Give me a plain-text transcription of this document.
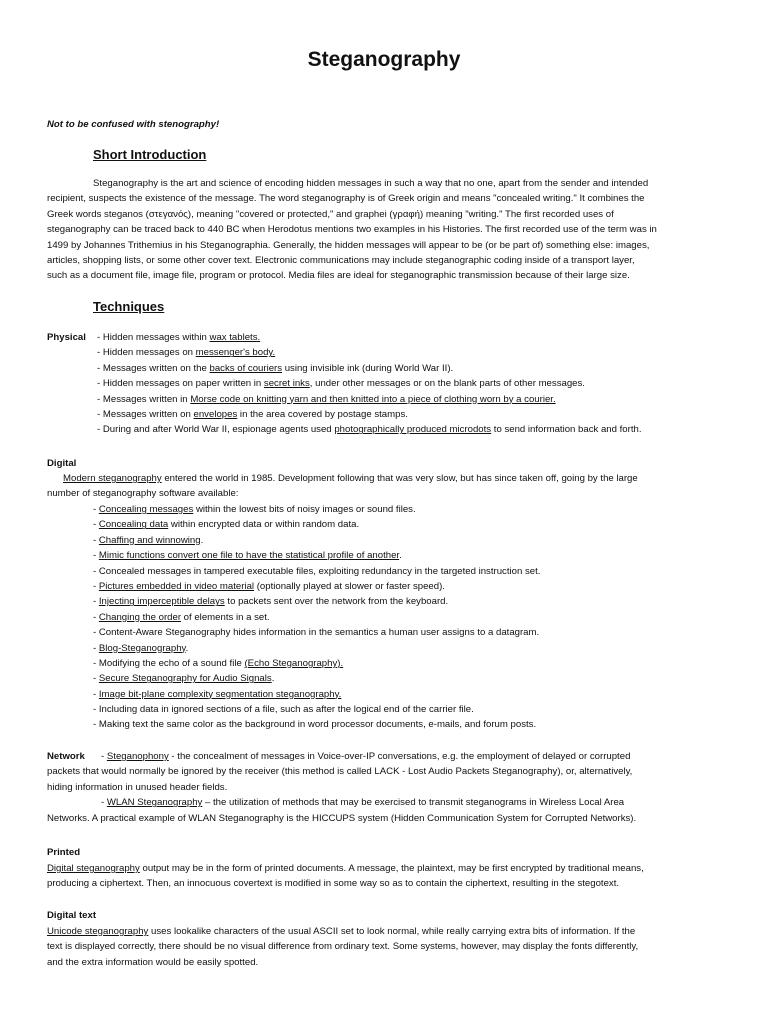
Steganography
Not to be confused with stenography!
Short Introduction
Steganography is the art and science of encoding hidden messages in such a way that no one, apart from the sender and intended
recipient, suspects the existence of the message. The word steganography is of Greek origin and means "concealed writing." It combines the
Greek words steganos (στεγανός), meaning "covered or protected," and graphei (γραφή) meaning "writing." The first recorded uses of
steganography can be traced back to 440 BC when Herodotus mentions two examples in his Histories. The first recorded use of the term was in
1499 by Johannes Trithemius in his Steganographia. Generally, the hidden messages will appear to be (or be part of) something else: images,
articles, shopping lists, or some other cover text. Electronic communications may include steganographic coding inside of a transport layer,
such as a document file, image file, program or protocol. Media files are ideal for steganographic transmission because of their large size.
Techniques
Physical - Hidden messages within wax tablets.
- Hidden messages on messenger's body.
- Messages written on the backs of couriers using invisible ink (during World War II).
- Hidden messages on paper written in secret inks, under other messages or on the blank parts of other messages.
- Messages written in Morse code on knitting yarn and then knitted into a piece of clothing worn by a courier.
- Messages written on envelopes in the area covered by postage stamps.
- During and after World War II, espionage agents used photographically produced microdots to send information back and forth.
Digital
Modern steganography entered the world in 1985. Development following that was very slow, but has since taken off, going by the large
number of steganography software available:
- Concealing messages within the lowest bits of noisy images or sound files.
- Concealing data within encrypted data or within random data.
- Chaffing and winnowing.
- Mimic functions convert one file to have the statistical profile of another.
- Concealed messages in tampered executable files, exploiting redundancy in the targeted instruction set.
- Pictures embedded in video material (optionally played at slower or faster speed).
- Injecting imperceptible delays to packets sent over the network from the keyboard.
- Changing the order of elements in a set.
- Content-Aware Steganography hides information in the semantics a human user assigns to a datagram.
- Blog-Steganography.
- Modifying the echo of a sound file (Echo Steganography).
- Secure Steganography for Audio Signals.
- Image bit-plane complexity segmentation steganography.
- Including data in ignored sections of a file, such as after the logical end of the carrier file.
- Making text the same color as the background in word processor documents, e-mails, and forum posts.
Network	- Steganophony - the concealment of messages in Voice-over-IP conversations, e.g. the employment of delayed or corrupted
packets that would normally be ignored by the receiver (this method is called LACK - Lost Audio Packets Steganography), or, alternatively,
hiding information in unused header fields.
- WLAN Steganography – the utilization of methods that may be exercised to transmit steganograms in Wireless Local Area
Networks. A practical example of WLAN Steganography is the HICCUPS system (Hidden Communication System for Corrupted Networks).
Printed
Digital steganography output may be in the form of printed documents. A message, the plaintext, may be first encrypted by traditional means,
producing a ciphertext. Then, an innocuous covertext is modified in some way so as to contain the ciphertext, resulting in the stegotext.
Digital text
Unicode steganography uses lookalike characters of the usual ASCII set to look normal, while really carrying extra bits of information. If the
text is displayed correctly, there should be no visual difference from ordinary text. Some systems, however, may display the fonts differently,
and the extra information would be easily spotted.
